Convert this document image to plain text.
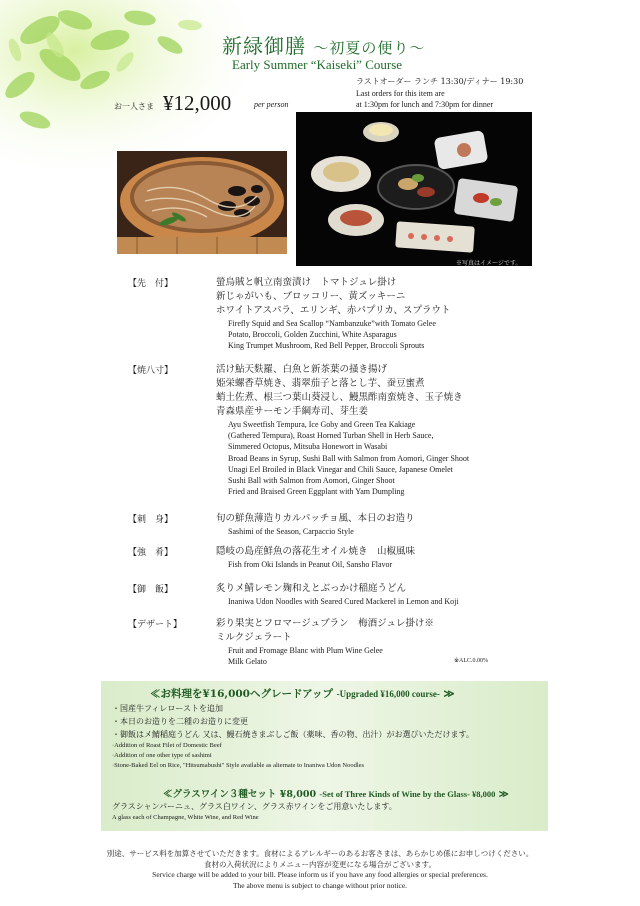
新緑御膳 〜初夏の便り〜
Early Summer “Kaiseki” Course
ラストオーダー ランチ 13:30/ディナー 19:30
Last orders for this item are
at 1:30pm for lunch and 7:30pm for dinner
お一人さま ¥12,000	per person
※写真はイメージです。
【先　付】	螢烏賊と帆立南蛮漬け　トマトジュレ掛け
新じゃがいも、ブロッコリー、黄ズッキーニ
ホワイトアスパラ、エリンギ、赤パプリカ、スプラウト
Firefly Squid and Sea Scallop “Nambanzuke”with Tomato Gelee
Potato, Broccoli, Golden Zucchini, White Asparagus
King Trumpet Mushroom, Red Bell Pepper, Broccoli Sprouts
【焼八寸】	活け鮎天麩羅、白魚と新茶葉の掻き揚げ
姫栄螺香草焼き、翡翠茄子と落とし芋、蚕豆蜜煮
蛸土佐煮、根三つ葉山葵浸し、鰻黒酢南蛮焼き、玉子焼き
青森県産サーモン手綱寿司、芽生姜
Ayu Sweetfish Tempura, Ice Goby and Green Tea Kakiage
(Gathered Tempura), Roast Horned Turban Shell in Herb Sauce,
Simmered Octopus, Mitsuba Honewort in Wasabi
Broad Beans in Syrup, Sushi Ball with Salmon from Aomori, Ginger Shoot
Unagi Eel Broiled in Black Vinegar and Chili Sauce, Japanese Omelet
Sushi Ball with Salmon from Aomori, Ginger Shoot
Fried and Braised Green Eggplant with Yam Dumpling
【刺　身】	旬の鮮魚薄造りカルパッチョ風、本日のお造り
Sashimi of the Season, Carpaccio Style
【強　肴】	隠岐の島産鮮魚の落花生オイル焼き　山椒風味
Fish from Oki Islands in Peanut Oil, Sansho Flavor
【御　飯】	炙りメ鯖レモン麹和えとぶっかけ稲庭うどん
Inaniwa Udon Noodles with Seared Cured Mackerel in Lemon and Koji
【デザート】	彩り果実とフロマージュブラン　梅酒ジュレ掛け※
ミルクジェラート
Fruit and Fromage Blanc with Plum Wine Gelee
Milk Gelato	※ALC.0.00%
≪お料理を¥16,000へグレードアップ -Upgraded ¥16,000 course- ≫
・国産牛フィレローストを追加
・本日のお造りを二種のお造りに変更
・御飯はメ鯖稲庭うどん 又は、鰻石焼きまぶしご飯（薬味、香の物、出汁）がお選びいただけます。
·Addition of Roast Filet of Domestic Beef
·Addition of one other type of sashimi
·Stone-Baked Eel on Rice, "Hitsumabushi" Style available as alternate to Inaniwa Udon Noodles
≪グラスワイン３種セット ¥8,000 -Set of Three Kinds of Wine by the Glass- ¥8,000 ≫
グラスシャンパーニュ、グラス白ワイン、グラス赤ワインをご用意いたします。
A glass each of Champagne, White Wine, and Red Wine
別途、サービス料を加算させていただきます。食材によるアレルギーのあるお客さまは、あらかじめ係にお申しつけください。
食材の入荷状況によりメニュー内容が変更になる場合がございます。
Service charge will be added to your bill. Please inform us if you have any food allergies or special preferences.
The above menu is subject to change without prior notice.
